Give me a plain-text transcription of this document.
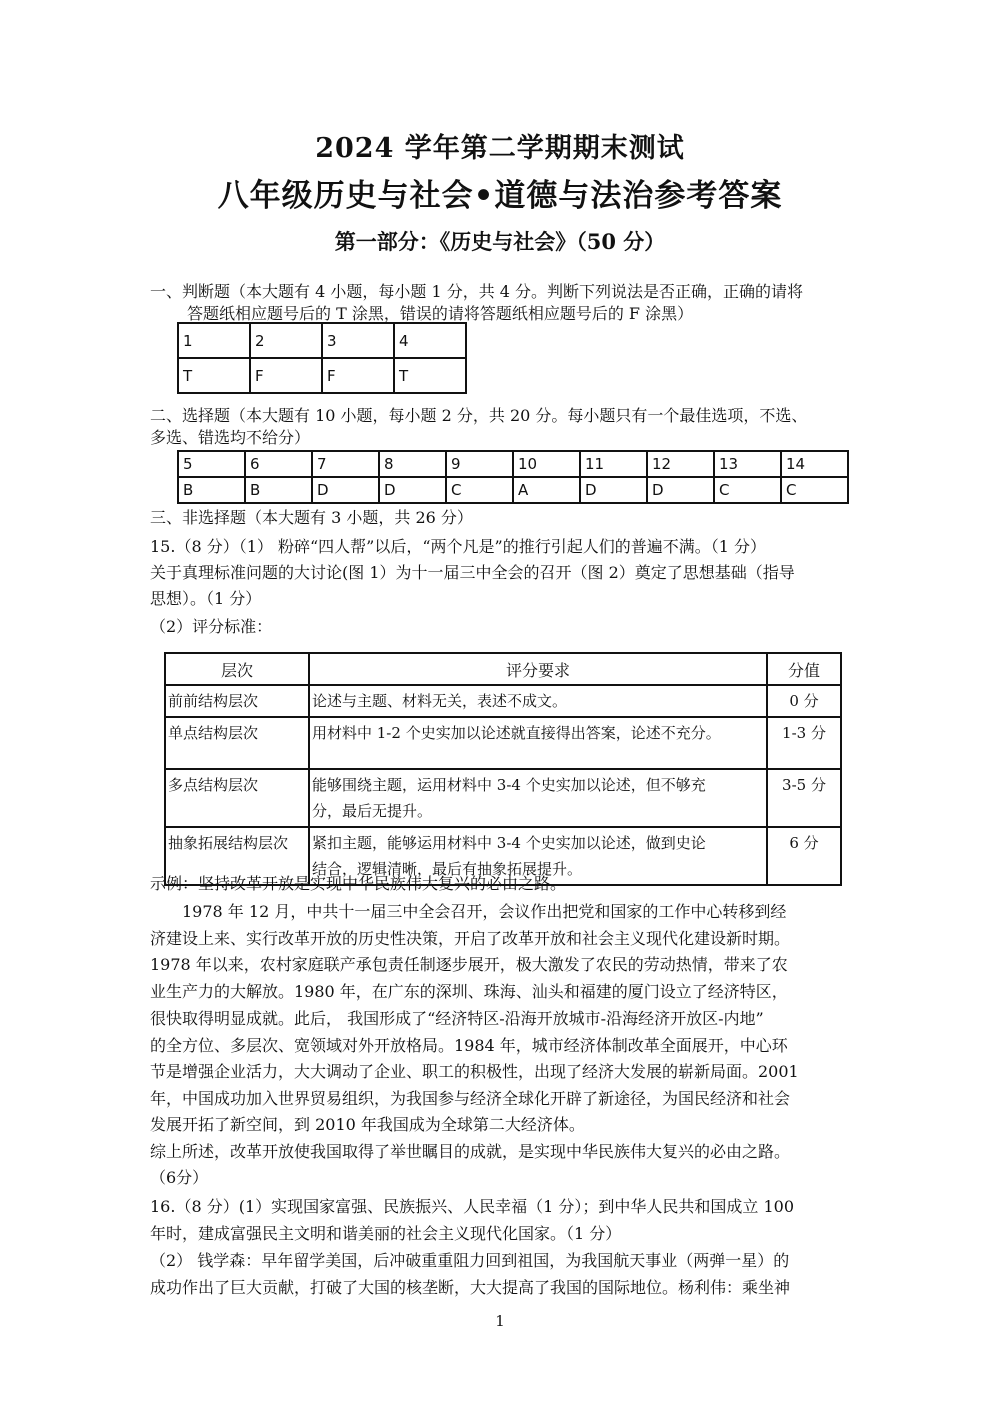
2024 学年第二学期期末测试
八年级历史与社会•道德与法治参考答案
第一部分：《历史与社会》（50 分）
一、判断题（本大题有 4 小题，每小题 1 分，共 4 分。判断下列说法是否正确，正确的请将
答题纸相应题号后的 T 涂黑，错误的请将答题纸相应题号后的 F 涂黑）
1	2	3	4
T	F	F	T
二、选择题（本大题有 10 小题，每小题 2 分，共 20 分。每小题只有一个最佳选项，不选、
多选、错选均不给分）
5	6	7	8	9	10	11	12	13	14
B	B	D	D	C	A	D	D	C	C
三、非选择题（本大题有 3 小题，共 26 分）
15.（8 分）（1） 粉碎“四人帮”以后，“两个凡是”的推行引起人们的普遍不满。（1 分）
关于真理标准问题的大讨论(图 1）为十一届三中全会的召开（图 2）奠定了思想基础（指导
思想）。（1 分）
（2）评分标准：
层次	评分要求	分值
前前结构层次	论述与主题、材料无关，表述不成文。	0 分
单点结构层次	用材料中 1-2 个史实加以论述就直接得出答案，论述不充分。	1-3 分
多点结构层次	能够围绕主题，运用材料中 3-4 个史实加以论述，但不够充
分，最后无提升。	3-5 分
抽象拓展结构层次	紧扣主题，能够运用材料中 3-4 个史实加以论述，做到史论
结合，逻辑清晰，最后有抽象拓展提升。	6 分
示例：坚持改革开放是实现中华民族伟大复兴的必由之路。
　　1978 年 12 月，中共十一届三中全会召开，会议作出把党和国家的工作中心转移到经
济建设上来、实行改革开放的历史性决策，开启了改革开放和社会主义现代化建设新时期。
1978 年以来，农村家庭联产承包责任制逐步展开，极大激发了农民的劳动热情，带来了农
业生产力的大解放。1980 年，在广东的深圳、珠海、汕头和福建的厦门设立了经济特区，
很快取得明显成就。此后， 我国形成了“经济特区-沿海开放城市-沿海经济开放区-内地”
的全方位、多层次、宽领域对外开放格局。1984 年，城市经济体制改革全面展开，中心环
节是增强企业活力，大大调动了企业、职工的积极性，出现了经济大发展的崭新局面。2001
年，中国成功加入世界贸易组织，为我国参与经济全球化开辟了新途径，为国民经济和社会
发展开拓了新空间，到 2010 年我国成为全球第二大经济体。
综上所述，改革开放使我国取得了举世瞩目的成就，是实现中华民族伟大复兴的必由之路。
（6分）
16.（8 分）(1）实现国家富强、民族振兴、人民幸福（1 分）；到中华人民共和国成立 100
年时，建成富强民主文明和谐美丽的社会主义现代化国家。（1 分）
（2） 钱学森：早年留学美国，后冲破重重阻力回到祖国，为我国航天事业（两弹一星）的
成功作出了巨大贡献，打破了大国的核垄断，大大提高了我国的国际地位。杨利伟：乘坐神
1
